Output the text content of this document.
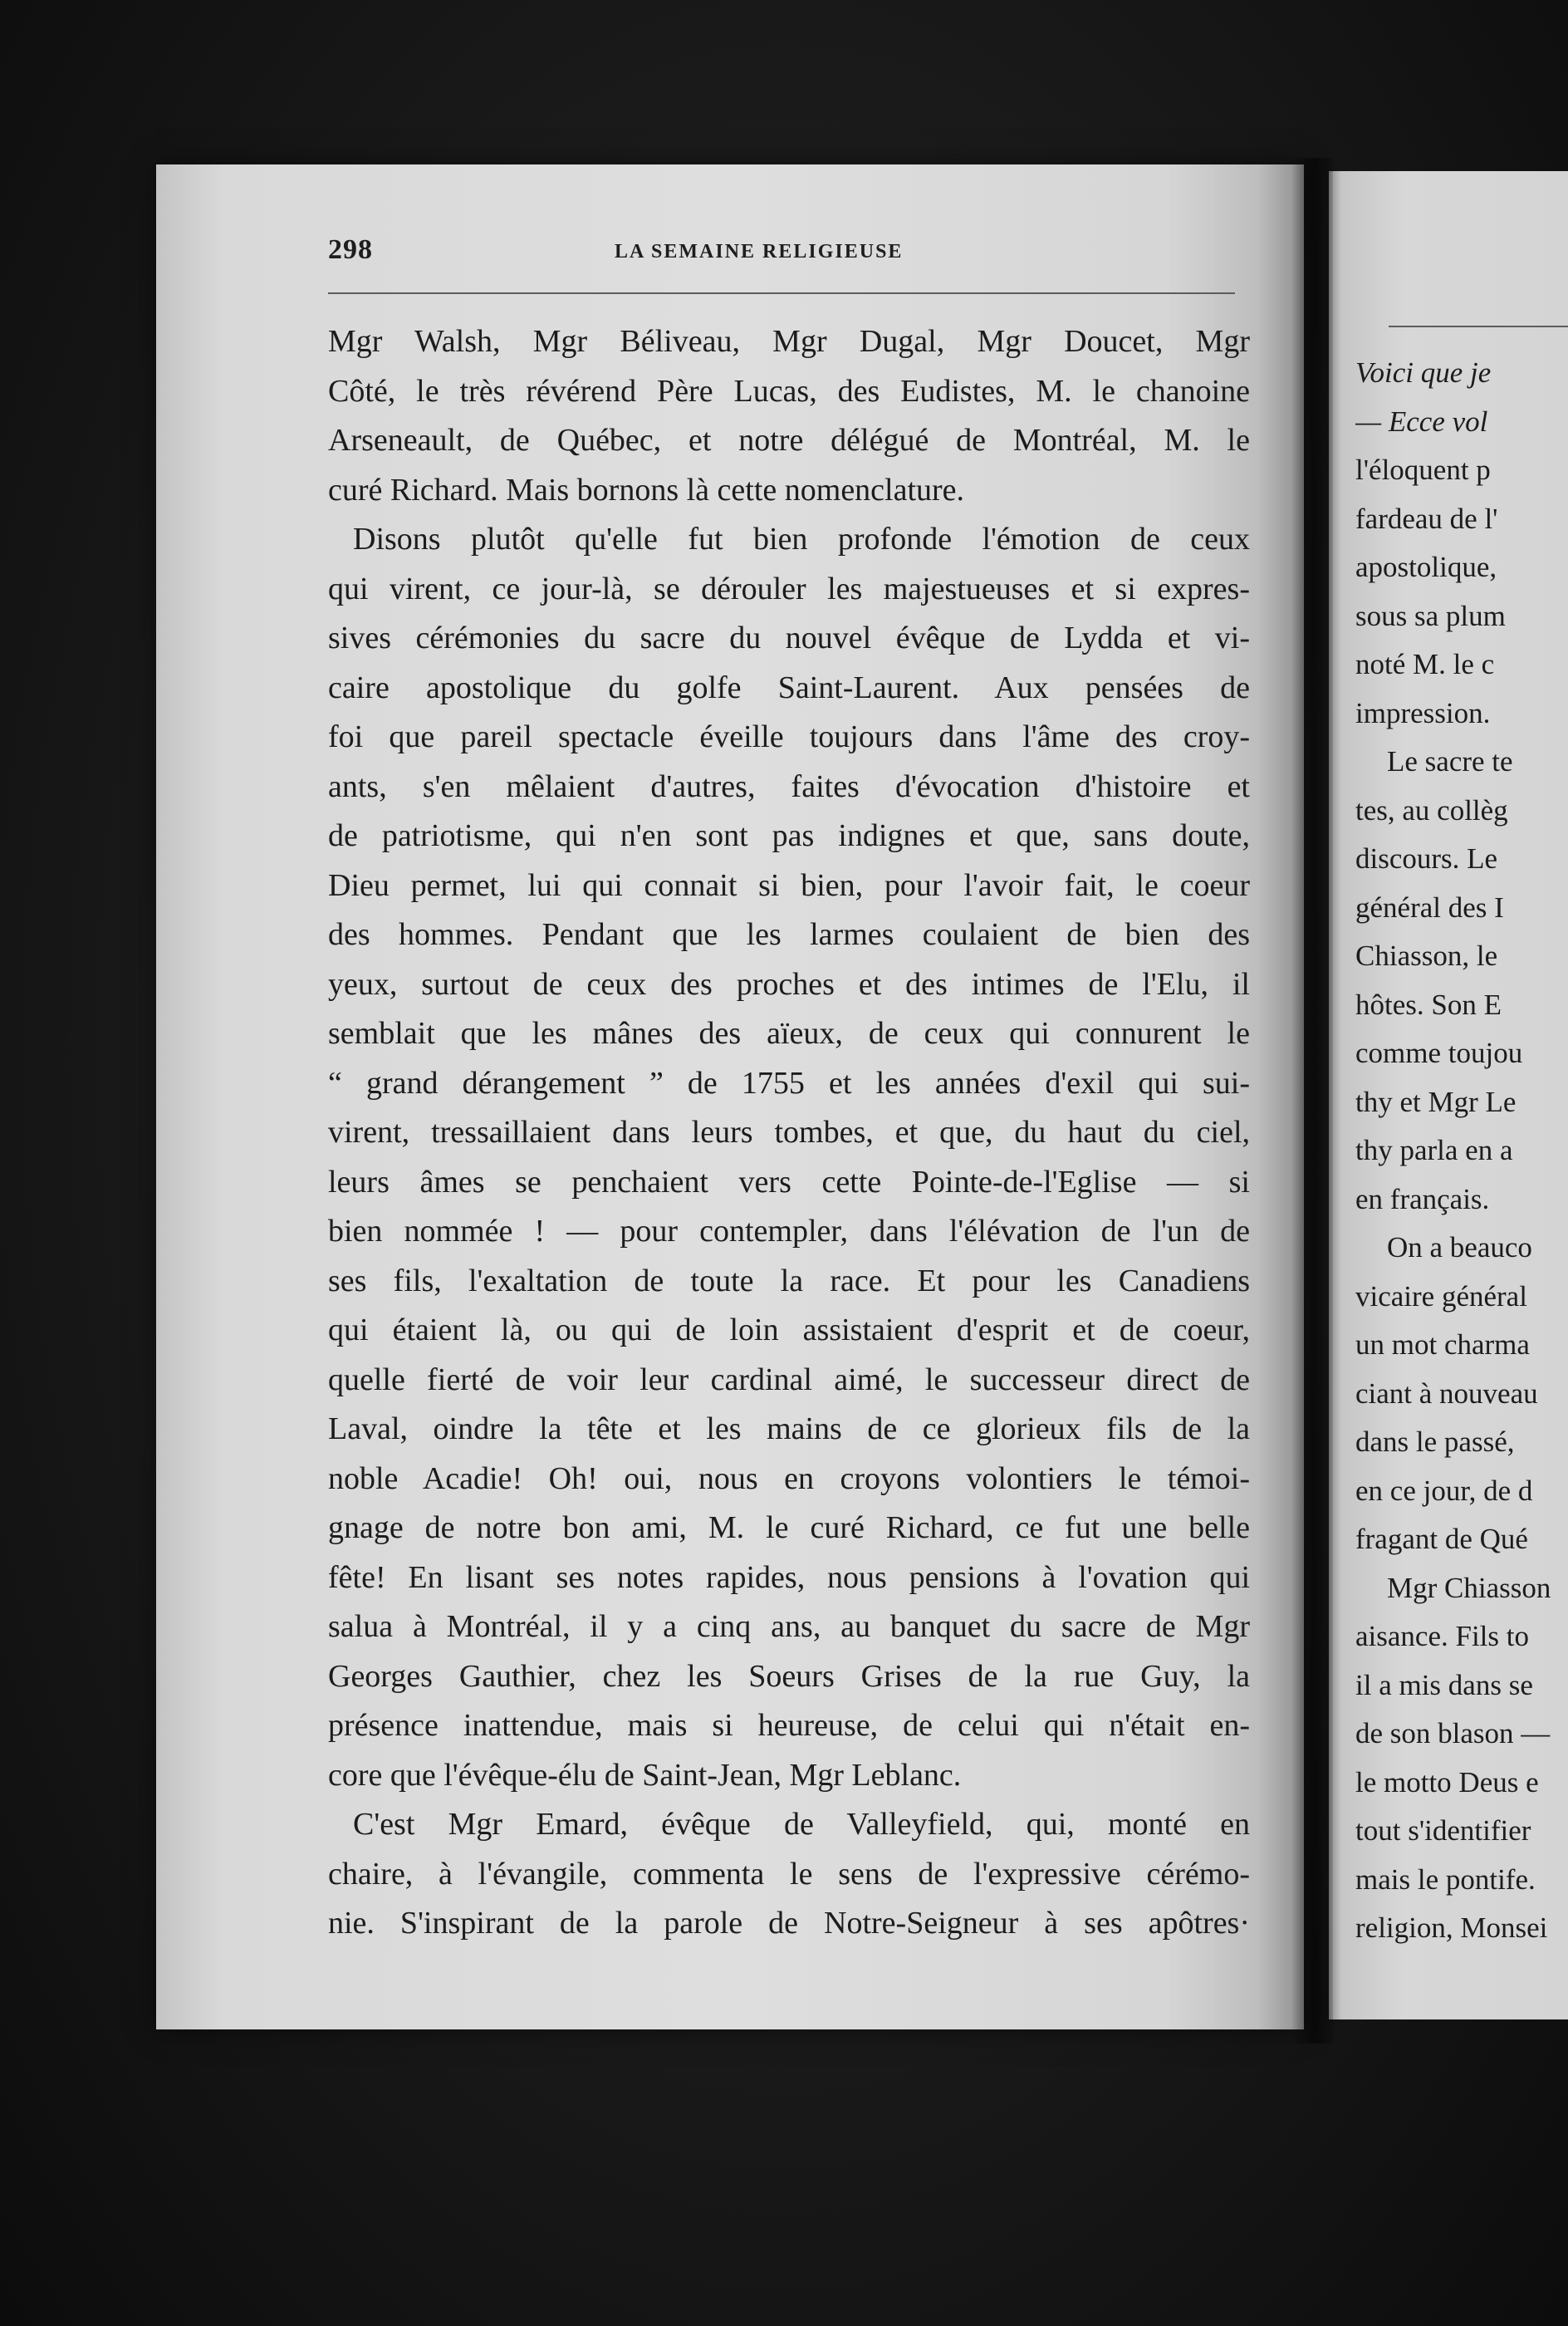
298	LA SEMAINE RELIGIEUSE
Mgr Walsh, Mgr Béliveau, Mgr Dugal, Mgr Doucet, Mgr
Côté, le très révérend Père Lucas, des Eudistes, M. le chanoine
Arseneault, de Québec, et notre délégué de Montréal, M. le
curé Richard. Mais bornons là cette nomenclature.
Disons plutôt qu'elle fut bien profonde l'émotion de ceux
qui virent, ce jour-là, se dérouler les majestueuses et si expres-
sives cérémonies du sacre du nouvel évêque de Lydda et vi-
caire apostolique du golfe Saint-Laurent. Aux pensées de
foi que pareil spectacle éveille toujours dans l'âme des croy-
ants, s'en mêlaient d'autres, faites d'évocation d'histoire et
de patriotisme, qui n'en sont pas indignes et que, sans doute,
Dieu permet, lui qui connait si bien, pour l'avoir fait, le coeur
des hommes. Pendant que les larmes coulaient de bien des
yeux, surtout de ceux des proches et des intimes de l'Elu, il
semblait que les mânes des aïeux, de ceux qui connurent le
“ grand dérangement ” de 1755 et les années d'exil qui sui-
virent, tressaillaient dans leurs tombes, et que, du haut du ciel,
leurs âmes se penchaient vers cette Pointe-de-l'Eglise — si
bien nommée ! — pour contempler, dans l'élévation de l'un de
ses fils, l'exaltation de toute la race. Et pour les Canadiens
qui étaient là, ou qui de loin assistaient d'esprit et de coeur,
quelle fierté de voir leur cardinal aimé, le successeur direct de
Laval, oindre la tête et les mains de ce glorieux fils de la
noble Acadie! Oh! oui, nous en croyons volontiers le témoi-
gnage de notre bon ami, M. le curé Richard, ce fut une belle
fête! En lisant ses notes rapides, nous pensions à l'ovation qui
salua à Montréal, il y a cinq ans, au banquet du sacre de Mgr
Georges Gauthier, chez les Soeurs Grises de la rue Guy, la
présence inattendue, mais si heureuse, de celui qui n'était en-
core que l'évêque-élu de Saint-Jean, Mgr Leblanc.
C'est Mgr Emard, évêque de Valleyfield, qui, monté en
chaire, à l'évangile, commenta le sens de l'expressive cérémo-
nie. S'inspirant de la parole de Notre-Seigneur à ses apôtres·
Voici que je
— Ecce vol
l'éloquent p
fardeau de l'
apostolique,
sous sa plum
noté M. le c
impression.
Le sacre te
tes, au collèg
discours. Le
général des I
Chiasson, le
hôtes. Son E
comme toujou
thy et Mgr Le
thy parla en a
en français.
On a beauco
vicaire général
un mot charma
ciant à nouveau
dans le passé,
en ce jour, de d
fragant de Qué
Mgr Chiasson
aisance. Fils to
il a mis dans se
de son blason —
le motto Deus e
tout s'identifier
mais le pontife.
religion, Monsei
